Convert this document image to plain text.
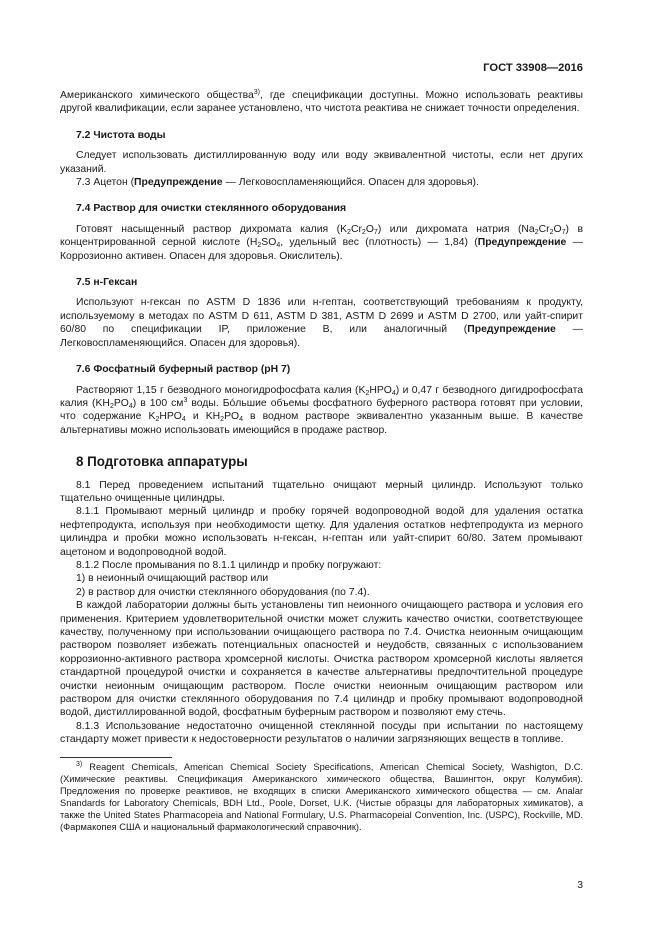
ГОСТ 33908—2016

Американского химического общества$^{3)}$, где спецификации доступны. Можно использовать реактивы другой квалификации, если заранее установлено, что чистота реактива не снижает точности определения.

7.2 Чистота воды

Следует использовать дистиллированную воду или воду эквивалентной чистоты, если нет других указаний.

7.3 Ацетон (Предупреждение — Легковоспламеняющийся. Опасен для здоровья).

7.4 Раствор для очистки стеклянного оборудования

Готовят насыщенный раствор дихромата калия $(K_2Cr_2O_7)$ или дихромата натрия $(Na_2Cr_2O_7)$ в концентрированной серной кислоте ($H_2SO_4$, удельный вес (плотность) — 1,84) (Предупреждение — Коррозионно активен. Опасен для здоровья. Окислитель).

7.5 н-Гексан

Используют н-гексан по ASTM D 1836 или н-гептан, соответствующий требованиям к продукту, используемому в методах по ASTM D 611, ASTM D 381, ASTM D 2699 и ASTM D 2700, или уайт-спирит 60/80 по спецификации IP, приложение B, или аналогичный (Предупреждение — Легковоспламеняющийся. Опасен для здоровья).

7.6 Фосфатный буферный раствор (pH 7)

Растворяют 1,15 г безводного моногидрофосфата калия $(K_2HPO_4)$ и 0,47 г безводного дигидрофосфата калия $(KH_2PO_4)$ в 100 $см^3$ воды. Бóльшие объемы фосфатного буферного раствора готовят при условии, что содержание $K_2HPO_4$ и $KH_2PO_4$ в водном растворе эквивалентно указанным выше. В качестве альтернативы можно использовать имеющийся в продаже раствор.

8 Подготовка аппаратуры

8.1 Перед проведением испытаний тщательно очищают мерный цилиндр. Используют только тщательно очищенные цилиндры.

8.1.1 Промывают мерный цилиндр и пробку горячей водопроводной водой для удаления остатка нефтепродукта, используя при необходимости щетку. Для удаления остатков нефтепродукта из мерного цилиндра и пробки можно использовать н-гексан, н-гептан или уайт-спирит 60/80. Затем промывают ацетоном и водопроводной водой.

8.1.2 После промывания по 8.1.1 цилиндр и пробку погружают:

1) в неионный очищающий раствор или

2) в раствор для очистки стеклянного оборудования (по 7.4).

В каждой лаборатории должны быть установлены тип неионного очищающего раствора и условия его применения. Критерием удовлетворительной очистки может служить качество очистки, соответствующее качеству, полученному при использовании очищающего раствора по 7.4. Очистка неионным очищающим раствором позволяет избежать потенциальных опасностей и неудобств, связанных с использованием коррозионно-активного раствора хромсерной кислоты. Очистка раствором хромсерной кислоты является стандартной процедурой очистки и сохраняется в качестве альтернативы предпочтительной процедуре очистки неионным очищающим раствором. После очистки неионным очищающим раствором или раствором для очистки стеклянного оборудования по 7.4 цилиндр и пробку промывают водопроводной водой, дистиллированной водой, фосфатным буферным раствором и позволяют ему стечь.

8.1.3 Использование недостаточно очищенной стеклянной посуды при испытании по настоящему стандарту может привести к недостоверности результатов о наличии загрязняющих веществ в топливе.

$^{3)}$ Reagent Chemicals, American Chemical Society Specifications, American Chemical Society, Washigton, D.C. (Химические реактивы. Спецификация Американского химического общества, Вашингтон, округ Колумбия). Предложения по проверке реактивов, не входящих в списки Американского химического общества — см. Analar Snandards for Laboratory Chemicals, BDH Ltd., Poole, Dorset, U.K. (Чистые образцы для лабораторных химикатов), а также the United States Pharmacopeia and National Formulary, U.S. Pharmacopeial Convention, Inc. (USPC), Rockville, MD. (Фармакопея США и национальный фармакологический справочник).

3
